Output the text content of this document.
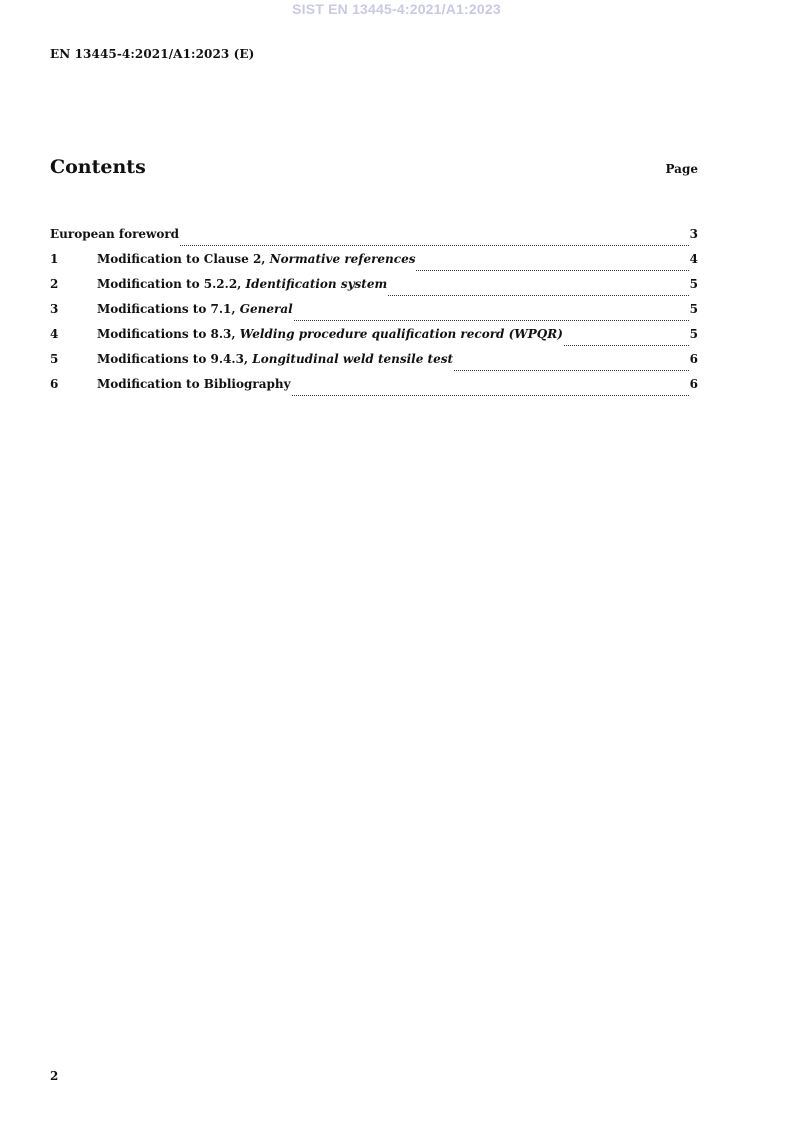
SIST EN 13445-4:2021/A1:2023
EN 13445-4:2021/A1:2023 (E)
Contents	Page
European foreword	3
1	Modification to Clause 2, Normative references	4
2	Modification to 5.2.2, Identification system	5
3	Modifications to 7.1, General	5
4	Modifications to 8.3, Welding procedure qualification record (WPQR)	5
5	Modifications to 9.4.3, Longitudinal weld tensile test	6
6	Modification to Bibliography	6
2
